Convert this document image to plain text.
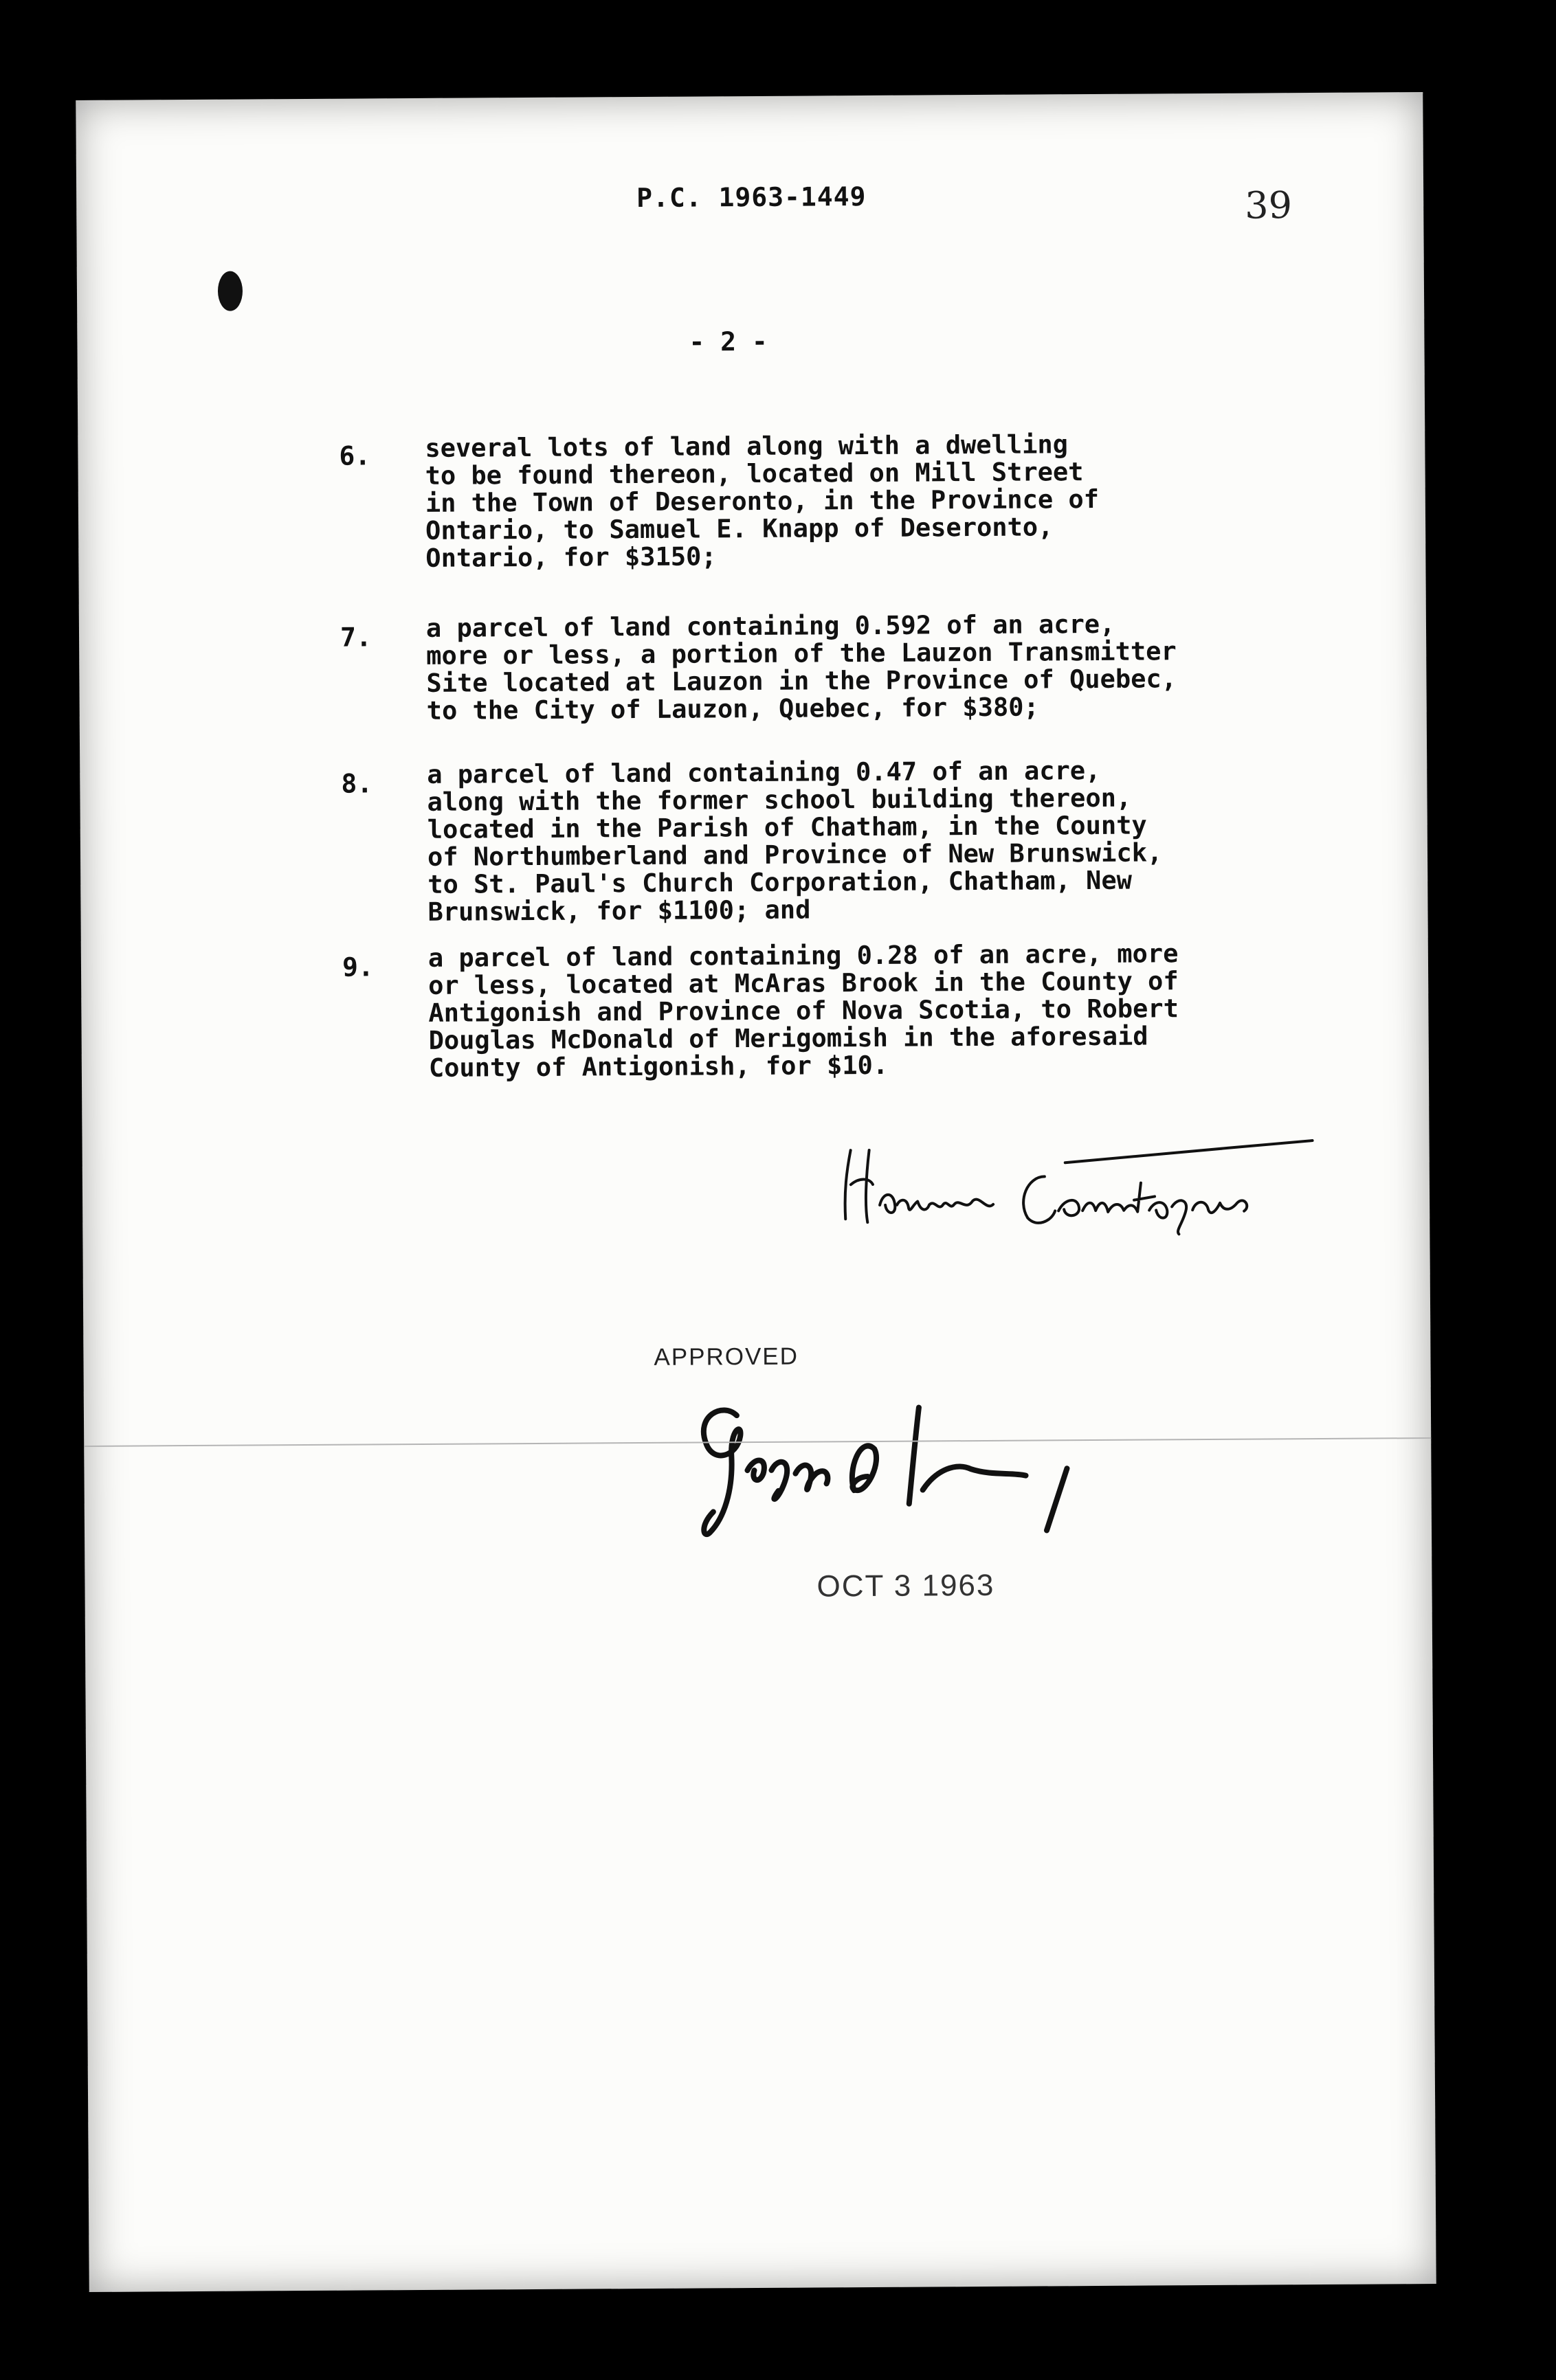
P.C. 1963-1449	39
- 2 -
6. several lots of land along with a dwelling
to be found thereon, located on Mill Street
in the Town of Deseronto, in the Province of
Ontario, to Samuel E. Knapp of Deseronto,
Ontario, for $3150;
7. a parcel of land containing 0.592 of an acre,
more or less, a portion of the Lauzon Transmitter
Site located at Lauzon in the Province of Quebec,
to the City of Lauzon, Quebec, for $380;
8. a parcel of land containing 0.47 of an acre,
along with the former school building thereon,
located in the Parish of Chatham, in the County
of Northumberland and Province of New Brunswick,
to St. Paul's Church Corporation, Chatham, New
Brunswick, for $1100; and
9. a parcel of land containing 0.28 of an acre, more
or less, located at McAras Brook in the County of
Antigonish and Province of Nova Scotia, to Robert
Douglas McDonald of Merigomish in the aforesaid
County of Antigonish, for $10.
APPROVED
OCT 3 1963
